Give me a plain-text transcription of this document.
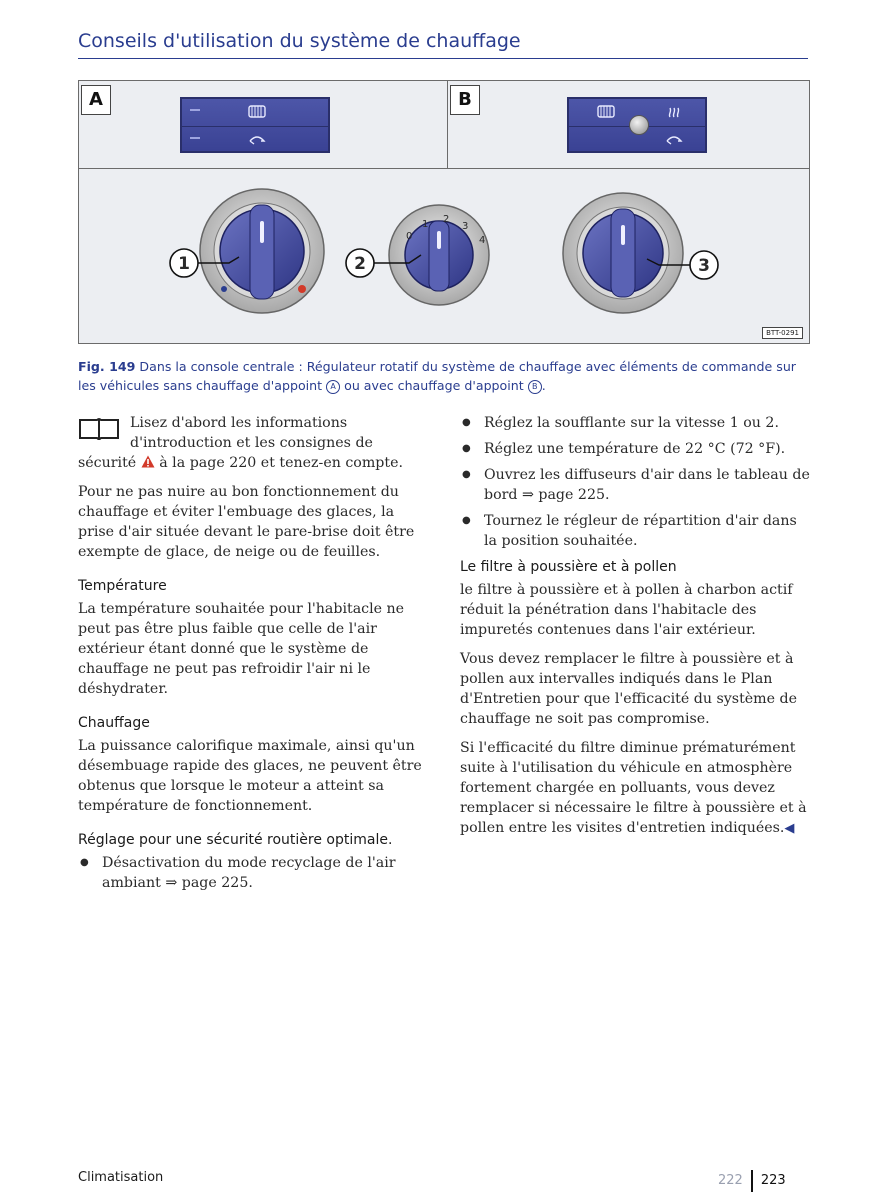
Conseils d'utilisation du système de chauffage
A	B
1	2	3
0
1 2
3
4
BTT-0291
Fig. 149 Dans la console centrale : Régulateur rotatif du système de chauffage avec éléments de commande sur les véhicules sans chauffage d'appoint A ou avec chauffage d'appoint B .

Lisez d'abord les informations d'introduction et les consignes de sécurité à la page 220 et tenez-en compte.

Pour ne pas nuire au bon fonctionnement du chauffage et éviter l'embuage des glaces, la prise d'air située devant le pare-brise doit être exempte de glace, de neige ou de feuilles.

Température

La température souhaitée pour l'habitacle ne peut pas être plus faible que celle de l'air extérieur étant donné que le système de chauffage ne peut pas refroidir l'air ni le déshydrater.

Chauffage

La puissance calorifique maximale, ainsi qu'un désembuage rapide des glaces, ne peuvent être obtenus que lorsque le moteur a atteint sa température de fonctionnement.

Réglage pour une sécurité routière optimale.
● Désactivation du mode recyclage de l'air ambiant ⇒ page 225.
● Réglez la soufflante sur la vitesse 1 ou 2.
● Réglez une température de 22 °C (72 °F).
● Ouvrez les diffuseurs d'air dans le tableau de bord ⇒ page 225.
● Tournez le régleur de répartition d'air dans la position souhaitée.
Le filtre à poussière et à pollen

le filtre à poussière et à pollen à charbon actif réduit la pénétration dans l'habitacle des impuretés contenues dans l'air extérieur.

Vous devez remplacer le filtre à poussière et à pollen aux intervalles indiqués dans le Plan d'Entretien pour que l'efficacité du système de chauffage ne soit pas compromise.

Si l'efficacité du filtre diminue prématurément suite à l'utilisation du véhicule en atmosphère fortement chargée en polluants, vous devez remplacer si nécessaire le filtre à poussière et à pollen entre les visites d'entretien indiquées.◀

Climatisation	222 223
